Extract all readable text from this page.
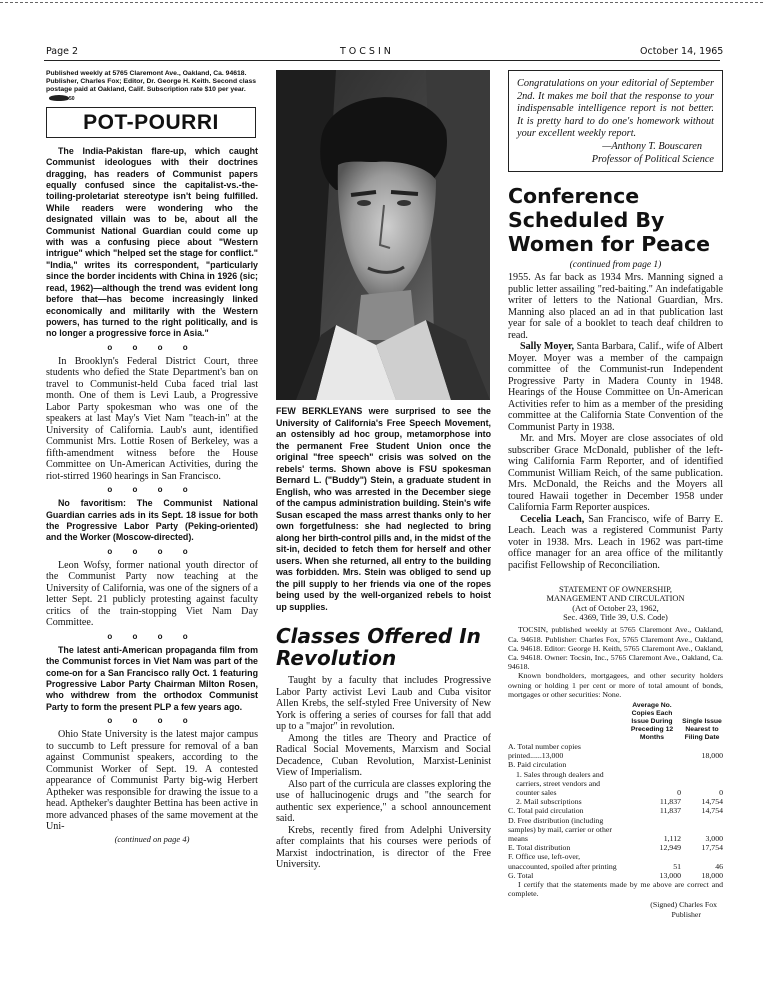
Page 2	TOCSIN	October 14, 1965

Published weekly at 5765 Claremont Ave., Oakland, Ca. 94618. Publisher, Charles Fox; Editor, Dr. George H. Keith. Second class postage paid at Oakland, Calif. Subscription rate $10 per year.50

POT-POURRI

The India-Pakistan flare-up, which caught Communist ideologues with their doctrines dragging, has readers of Communist papers equally confused since the capitalist-vs.-the-toiling-proletariat stereotype isn't being fulfilled. While readers were wondering who the designated villain was to be, about all the Communist National Guardian could come up with was a confusing piece about "Western intrigue" which "helped set the stage for conflict." "India," writes its correspondent, "particularly since the border incidents with China in 1926 (sic; read, 1962)—although the trend was evident long before that—has become increasingly linked economically and militarily with the Western powers, has turned to the right politically, and is no longer a progressive force in Asia."

o o o o

In Brooklyn's Federal District Court, three students who defied the State Department's ban on travel to Communist-held Cuba faced trial last month. One of them is Levi Laub, a Progressive Labor Party spokesman who was one of the speakers at last May's Viet Nam "teach-in" at the University of California. Laub's aunt, identified Communist Mrs. Lottie Rosen of Berkeley, was a fifth-amendment witness before the House Committee on Un-American Activities, during the riot-stirred 1960 hearings in San Francisco.

o o o o

No favoritism: The Communist National Guardian carries ads in its Sept. 18 issue for both the Progressive Labor Party (Peking-oriented) and the Worker (Moscow-directed).

o o o o

Leon Wofsy, former national youth director of the Communist Party now teaching at the University of California, was one of the signers of a letter Sept. 21 publicly protesting against faculty critics of the train-stopping Viet Nam Day Committee.

o o o o

The latest anti-American propaganda film from the Communist forces in Viet Nam was part of the come-on for a San Francisco rally Oct. 1 featuring Progressive Labor Party Chairman Milton Rosen, who withdrew from the orthodox Communist Party to form the present PLP a few years ago.

o o o o

Ohio State University is the latest major campus to succumb to Left pressure for removal of a ban against Communist speakers, according to the Communist Worker of Sept. 19. A contested appearance of Communist Party big-wig Herbert Aptheker was responsible for drawing the issue to a head. Aptheker's daughter Bettina has been active in more advanced phases of the same movement at the Uni-

(continued on page 4)

FEW BERKLEYANS were surprised to see the University of California's Free Speech Movement, an ostensibly ad hoc group, metamorphose into the permanent Free Student Union once the original "free speech" crisis was solved on the rebels' terms. Shown above is FSU spokesman Bernard L. ("Buddy") Stein, a graduate student in English, who was arrested in the December siege of the campus administration building. Stein's wife Susan escaped the mass arrest thanks only to her own forgetfulness: she had neglected to bring along her birth-control pills and, in the midst of the sit-in, decided to fetch them for herself and other users. When she returned, all entry to the building was forbidden. Mrs. Stein was obliged to send up the pill supply to her friends via one of the ropes being used by the well-organized rebels to hoist up supplies.

Classes Offered In Revolution

Taught by a faculty that includes Progressive Labor Party activist Levi Laub and Cuba visitor Allen Krebs, the self-styled Free University of New York is offering a series of courses for fall that add up to a "major" in revolution.

Among the titles are Theory and Practice of Radical Social Movements, Marxism and Social Decadence, Cuban Revolution, Marxist-Leninist View of Imperialism.

Also part of the curricula are classes exploring the use of hallucinogenic drugs and "the search for authentic sex experience," a school announcement said.

Krebs, recently fired from Adelphi University after complaints that his courses were periods of Marxist indoctrination, is director of the Free University.

Congratulations on your editorial of September 2nd. It makes me boil that the response to your indispensable intelligence report is not better. It is pretty hard to do one's homework without your excellent weekly report.

—Anthony T. Bouscaren

Professor of Political Science

Conference Scheduled By Women for Peace

(continued from page 1)

1955. As far back as 1934 Mrs. Manning signed a public letter assailing "red-baiting." An indefatigable writer of letters to the National Guardian, Mrs. Manning also placed an ad in that publication last year for sale of a booklet to teach deaf children to read.

Sally Moyer, Santa Barbara, Calif., wife of Albert Moyer. Moyer was a member of the campaign committee of the Communist-run Independent Progressive Party in Madera County in 1948. Hearings of the House Committee on Un-American Activities refer to him as a member of the presiding committee at the California State Convention of the Communist Party in 1938.

Mr. and Mrs. Moyer are close associates of old subscriber Grace McDonald, publisher of the left-wing California Farm Reporter, and of identified Communist William Reich, of the same publication. Mrs. McDonald, the Reichs and the Moyers all toured Hawaii together in December 1958 under California Farm Reporter auspices.

Cecelia Leach, San Francisco, wife of Barry E. Leach. Leach was a registered Communist Party voter in 1938. Mrs. Leach in 1962 was part-time office manager for an area office of the militantly pacifist Fellowship of Reconciliation.

STATEMENT OF OWNERSHIP,
MANAGEMENT AND CIRCULATION
(Act of October 23, 1962,
Sec. 4369, Title 39, U.S. Code)

TOCSIN, published weekly at 5765 Claremont Ave., Oakland, Ca. 94618. Publisher: Charles Fox, 5765 Claremont Ave., Oakland, Ca. 94618. Editor: George H. Keith, 5765 Claremont Ave., Oakland, Ca. 94618. Owner: Tocsin, Inc., 5765 Claremont Ave., Oakland, Ca. 94618.

Known bondholders, mortgagees, and other security holders owning or holding 1 per cent or more of total amount of bonds, mortgages or other securities: None.

	Average No. Copies Each Issue During Preceding 12 Months	Single Issue Nearest to Filing Date
A. Total number copies printed......13,000		18,000
B. Paid circulation		
1. Sales through dealers and carriers, street vendors and counter sales	0	0
2. Mail subscriptions	11,837	14,754
C. Total paid circulation	11,837	14,754
D. Free distribution (including samples) by mail, carrier or other means	1,112	3,000
E. Total distribution	12,949	17,754
F. Office use, left-over, unaccounted, spoiled after printing	51	46
G. Total	13,000	18,000

I certify that the statements made by me above are correct and complete.

(Signed) Charles Fox

Publisher
